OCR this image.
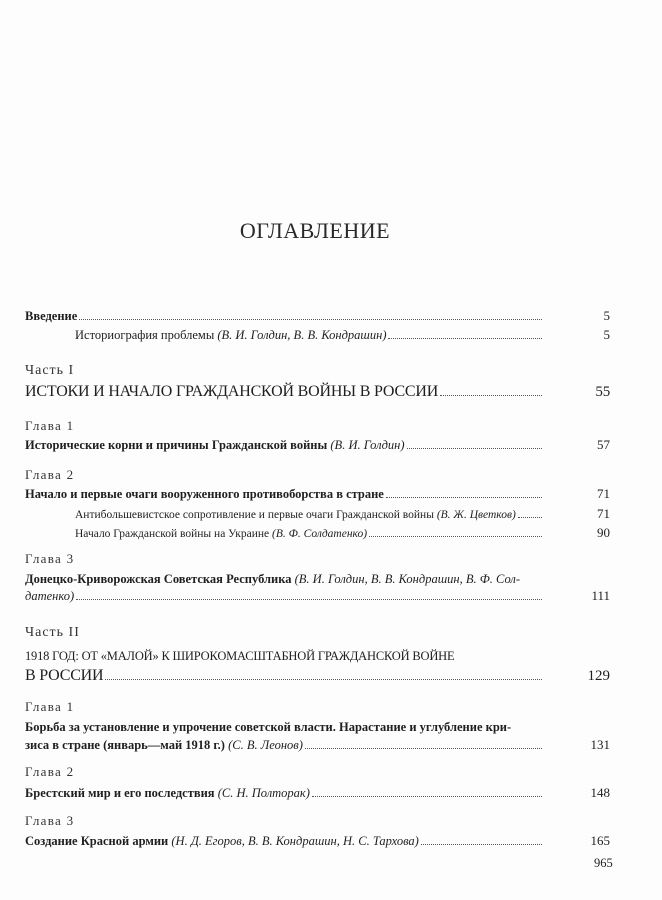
ОГЛАВЛЕНИЕ
Введение	5
Историография проблемы
(В. И. Голдин, В. В. Кондрашин)	5
Часть I
ИСТОКИ И НАЧАЛО ГРАЖДАНСКОЙ ВОЙНЫ В РОССИИ	55
Глава 1
Исторические корни и причины Гражданской войны
(В. И. Голдин)	57
Глава 2
Начало и первые очаги вооруженного противоборства в стране	71
Антибольшевистское сопротивление и первые очаги Гражданской войны
(В. Ж. Цветков)	71
Начало Гражданской войны на Украине
(В. Ф. Солдатенко)	90
Глава 3
Донецко-Криворожская Советская Республика (В. И. Голдин, В. В. Кондрашин, В. Ф. Сол-
датенко)	111
Часть II
1918 ГОД: ОТ «МАЛОЙ» К ШИРОКОМАСШТАБНОЙ ГРАЖДАНСКОЙ ВОЙНЕ
В РОССИИ	129
Глава 1
Борьба за установление и упрочение советской власти. Нарастание и углубление кри-
зиса в стране (январь—май 1918 г.)
(С. В. Леонов)	131
Глава 2
Брестский мир и его последствия
(С. Н. Полторак)	148
Глава 3
Создание Красной армии
(Н. Д. Егоров, В. В. Кондрашин, Н. С. Тархова)	165
965
